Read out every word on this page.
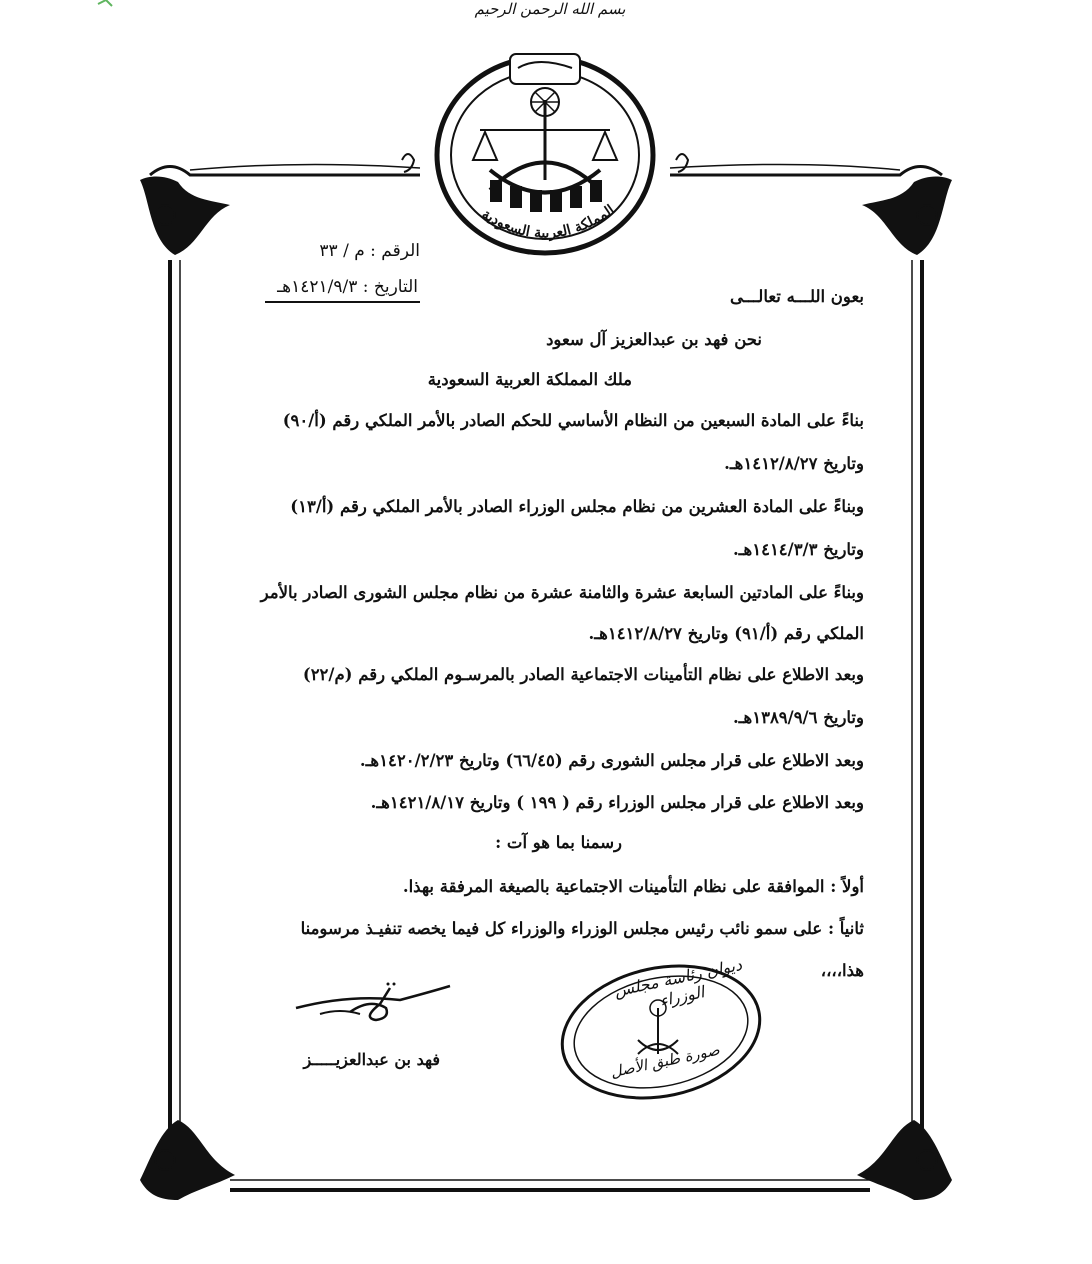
بسم الله الرحمن الرحيم
المملكة العربية السعودية
الرقم : م / ٣٣
التاريخ : ١٤٢١/٩/٣هـ	بعون اللـــه تعالـــى
نحن فهد بن عبدالعزيز آل سعود
ملك المملكة العربية السعودية
بناءً على المادة السبعين من النظام الأساسي للحكم الصادر بالأمر الملكي رقم (أ/٩٠)
وتاريخ ١٤١٢/٨/٢٧هـ.
وبناءً على المادة العشرين من نظام مجلس الوزراء الصادر بالأمر الملكي رقم (أ/١٣)
وتاريخ ١٤١٤/٣/٣هـ.
وبناءً على المادتين السابعة عشرة والثامنة عشرة من نظام مجلس الشورى الصادر بالأمر
الملكي رقم (أ/٩١) وتاريخ ١٤١٢/٨/٢٧هـ.
وبعد الاطلاع على نظام التأمينات الاجتماعية الصادر بالمرسـوم الملكي رقم (م/٢٢)
وتاريخ ١٣٨٩/٩/٦هـ.
وبعد الاطلاع على قرار مجلس الشورى رقم (٦٦/٤٥) وتاريخ ١٤٢٠/٢/٢٣هـ.
وبعد الاطلاع على قرار مجلس الوزراء رقم ( ١٩٩ ) وتاريخ ١٤٢١/٨/١٧هـ.
رسمنا بما هو آت :
أولاً : الموافقة على نظام التأمينات الاجتماعية بالصيغة المرفقة بهذا.
ثانياً : على سمو نائب رئيس مجلس الوزراء والوزراء كل فيما يخصه تنفيـذ مرسومنا
هذا،،،،
فهد بن عبدالعزيـــــز
ديوان رئاسة مجلس الوزراء
صورة طبق الأصل
